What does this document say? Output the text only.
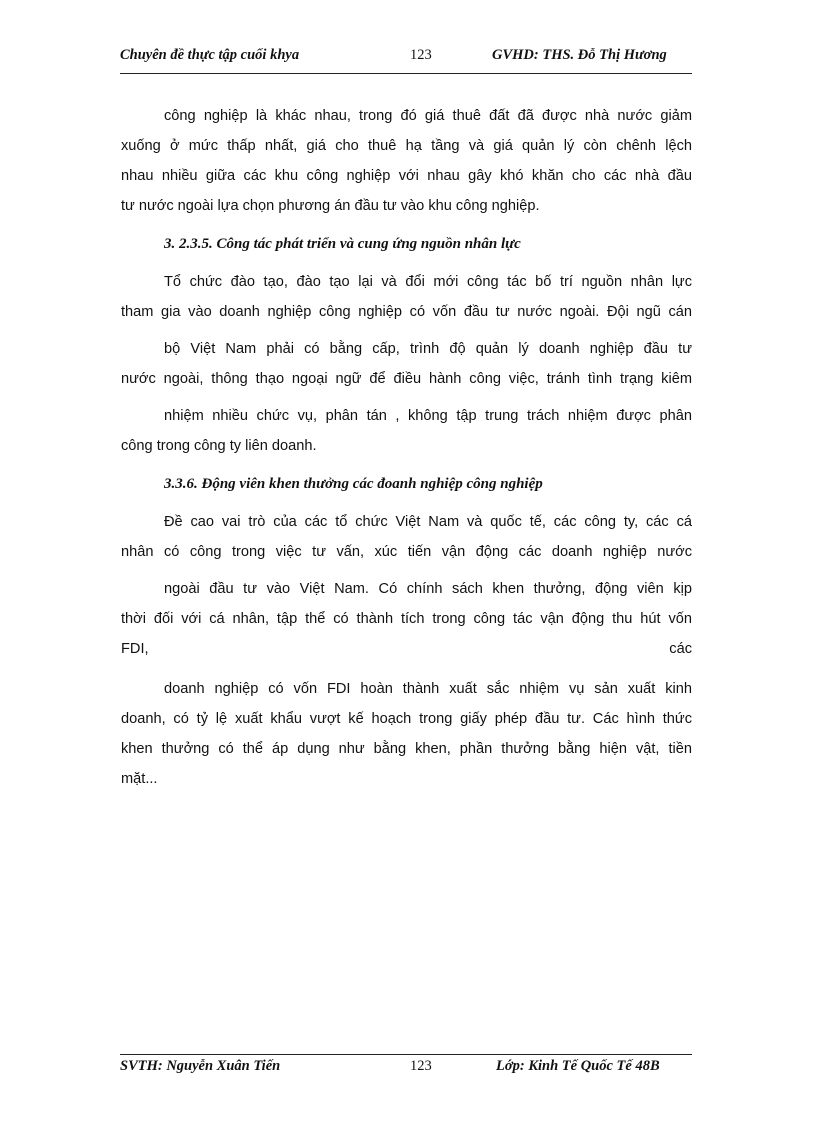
Chuyên đề thực tập cuối khya	123	GVHD: THS. Đỗ Thị Hương
công nghiệp là khác nhau, trong đó giá thuê đất đã được nhà nước giảm
xuống ở mức thấp nhất, giá cho thuê hạ tầng và giá quản lý còn chênh lệch
nhau nhiều giữa các khu công nghiệp với nhau gây khó khăn cho các nhà đầu
tư nước ngoài lựa chọn phương án đầu tư vào khu công nghiệp.
3. 2.3.5. Công tác phát triển và cung ứng nguồn nhân lực
Tổ chức đào tạo, đào tạo lại và đổi mới công tác bố trí nguồn nhân lực
tham gia vào doanh nghiệp công nghiệp có vốn đầu tư nước ngoài. Đội ngũ cán
bộ Việt Nam phải có bằng cấp, trình độ quản lý doanh nghiệp đầu tư
nước ngoài, thông thạo ngoại ngữ để điều hành công việc, tránh tình trạng kiêm
nhiệm nhiều chức vụ, phân tán , không tập trung trách nhiệm được phân
công trong công ty liên doanh.
3.3.6. Động viên khen thưởng các đoanh nghiệp công nghiệp
Đề cao vai trò của các tổ chức Việt Nam và quốc tế, các công ty, các cá
nhân có công trong việc tư vấn, xúc tiến vận động các doanh nghiệp nước
ngoài đầu tư vào Việt Nam. Có chính sách khen thưởng, động viên kịp
thời đối với cá nhân, tập thể có thành tích trong công tác vận động thu hút vốn
FDI,	các
doanh nghiệp có vốn FDI hoàn thành xuất sắc nhiệm vụ sản xuất kinh
doanh, có tỷ lệ xuất khẩu vượt kế hoạch trong giấy phép đầu tư. Các hình thức
khen thưởng có thể áp dụng như bằng khen, phần thưởng bằng hiện vật, tiền
mặt...
SVTH: Nguyễn Xuân Tiến	123	Lớp: Kinh Tế Quốc Tế 48B
